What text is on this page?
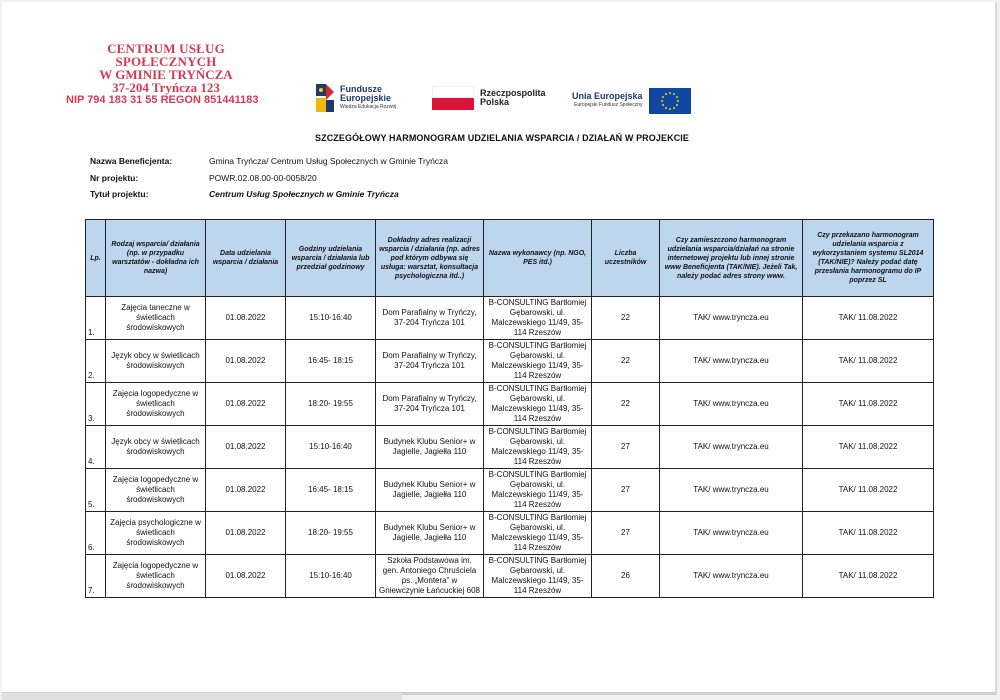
CENTRUM USŁUG SPOŁECZNYCH
W GMINIE TRYŃCZA
37-204 Tryńcza 123
NIP 794 183 31 55 REGON 851441183
Fundusze
Europejskie
Wiedza Edukacja Rozwój
Rzeczpospolita
Polska
Unia Europejska
Europejski Fundusz Społeczny
SZCZEGÓŁOWY HARMONOGRAM UDZIELANIA WSPARCIA / DZIAŁAŃ W PROJEKCIE
Nazwa Beneficjenta:	Gmina Tryńcza/ Centrum Usług Społecznych w Gminie Tryńcza
Nr projektu:	POWR.02.08.00-00-0058/20
Tytuł projektu:	Centrum Usług Społecznych w Gminie Tryńcza
Lp.	Rodzaj wsparcia/ działania (np. w przypadku warsztatów - dokładna ich nazwa)	Data udzielania wsparcia / działania	Godziny udzielania wsparcia / działania lub przedział godzinowy	Dokładny adres realizacji wsparcia / działania (np. adres pod którym odbywa się usługa: warsztat, konsultacja psychologiczna itd..)	Nazwa wykonawcy (np. NGO, PES itd.)	Liczba uczestników	Czy zamieszczono harmonogram udzielania wsparcia/działań na stronie internetowej projektu lub innej stronie www Beneficjenta (TAK/NIE). Jeżeli Tak, należy podać adres strony www.	Czy przekazano harmonogram udzielania wsparcia z wykorzystaniem systemu SL2014 (TAK/NIE)? Należy podać datę przesłania harmonogramu do IP poprzez SL

1.	Zajęcia taneczne w świetlicach środowiskowych	01.08.2022	15:10-16:40	Dom Parafialny w Tryńczy, 37-204 Tryńcza 101	B-CONSULTING Bartłomiej Gębarowski, ul. Malczewskiego 11/49, 35-114 Rzeszów	22	TAK/ www.tryncza.eu	TAK/ 11.08.2022

2.	Język obcy w świetlicach środowiskowych	01.08.2022	16:45- 18:15	Dom Parafialny w Tryńczy, 37-204 Tryńcza 101	B-CONSULTING Bartłomiej Gębarowski, ul. Malczewskiego 11/49, 35-114 Rzeszów	22	TAK/ www.tryncza.eu	TAK/ 11.08.2022

3.	Zajęcia logopedyczne w świetlicach środowiskowych	01.08.2022	18:20- 19:55	Dom Parafialny w Tryńczy, 37-204 Tryńcza 101	B-CONSULTING Bartłomiej Gębarowski, ul. Malczewskiego 11/49, 35-114 Rzeszów	22	TAK/ www.tryncza.eu	TAK/ 11.08.2022

4.	Język obcy w świetlicach środowiskowych	01.08.2022	15:10-16:40	Budynek Klubu Senior+ w Jagielle, Jagiełła 110	B-CONSULTING Bartłomiej Gębarowski, ul. Malczewskiego 11/49, 35-114 Rzeszów	27	TAK/ www.tryncza.eu	TAK/ 11.08.2022

5.	Zajęcia logopedyczne w świetlicach środowiskowych	01.08.2022	16:45- 18:15	Budynek Klubu Senior+ w Jagielle, Jagiełła 110	B-CONSULTING Bartłomiej Gębarowski, ul. Malczewskiego 11/49, 35-114 Rzeszów	27	TAK/ www.tryncza.eu	TAK/ 11.08.2022

6.	Zajęcia psychologiczne w świetlicach środowiskowych	01.08.2022	18:20- 19:55	Budynek Klubu Senior+ w Jagielle, Jagiełła 110	B-CONSULTING Bartłomiej Gębarowski, ul. Malczewskiego 11/49, 35-114 Rzeszów	27	TAK/ www.tryncza.eu	TAK/ 11.08.2022

7.	Zajęcia logopedyczne w świetlicach środowiskowych	01.08.2022	15:10-16:40	Szkoła Podstawowa im. gen. Antoniego Chruściela ps. „Montera” w Gniewczynie Łańcuckiej 608	B-CONSULTING Bartłomiej Gębarowski, ul. Malczewskiego 11/49, 35-114 Rzeszów	26	TAK/ www.tryncza.eu	TAK/ 11.08.2022
